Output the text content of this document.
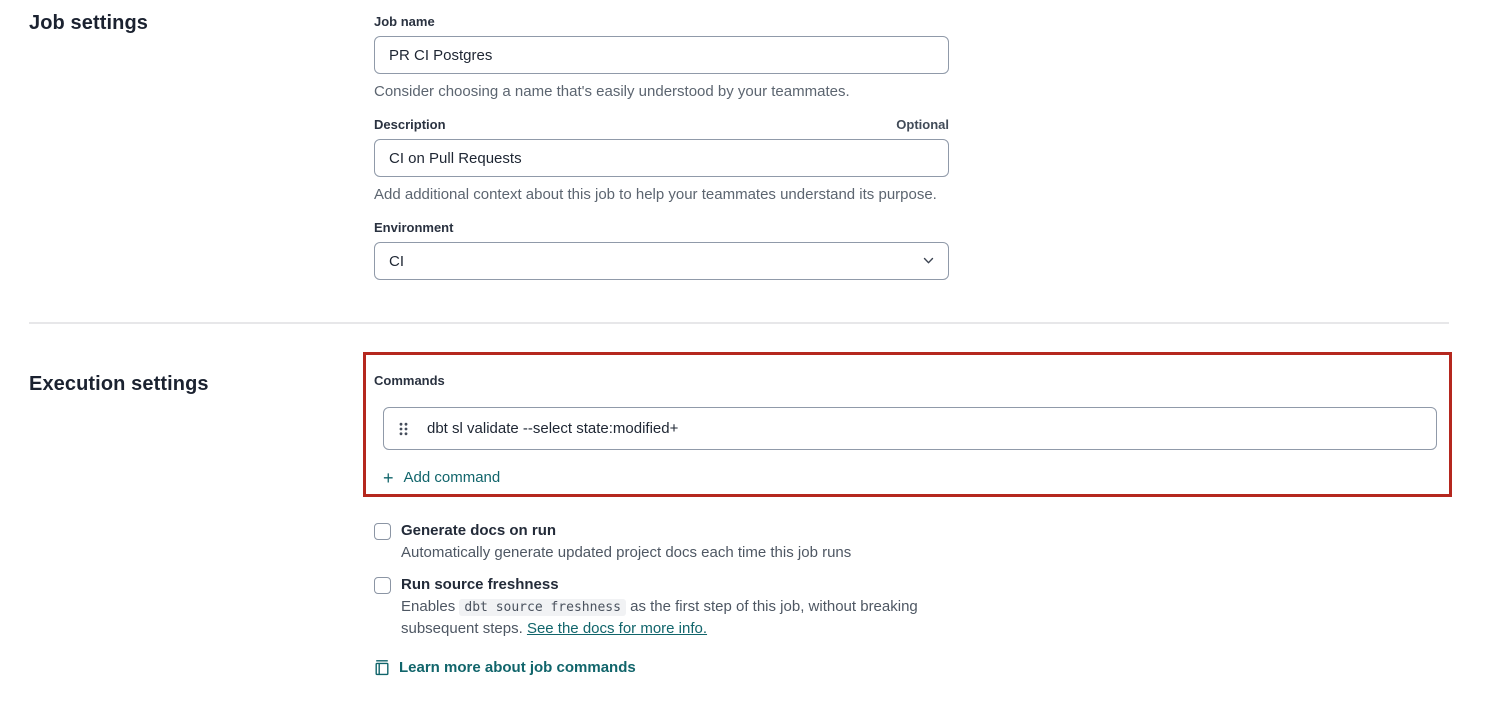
Job settings	Job name
PR CI Postgres
Consider choosing a name that's easily understood by your teammates.
Description	Optional
CI on Pull Requests
Add additional context about this job to help your teammates understand its purpose.
Environment
CI
Execution settings	Commands
dbt sl validate --select state:modified+
+ Add command
Generate docs on run
Automatically generate updated project docs each time this job runs
Run source freshness
Enables dbt source freshness as the first step of this job, without breaking subsequent steps. See the docs for more info.
Learn more about job commands
